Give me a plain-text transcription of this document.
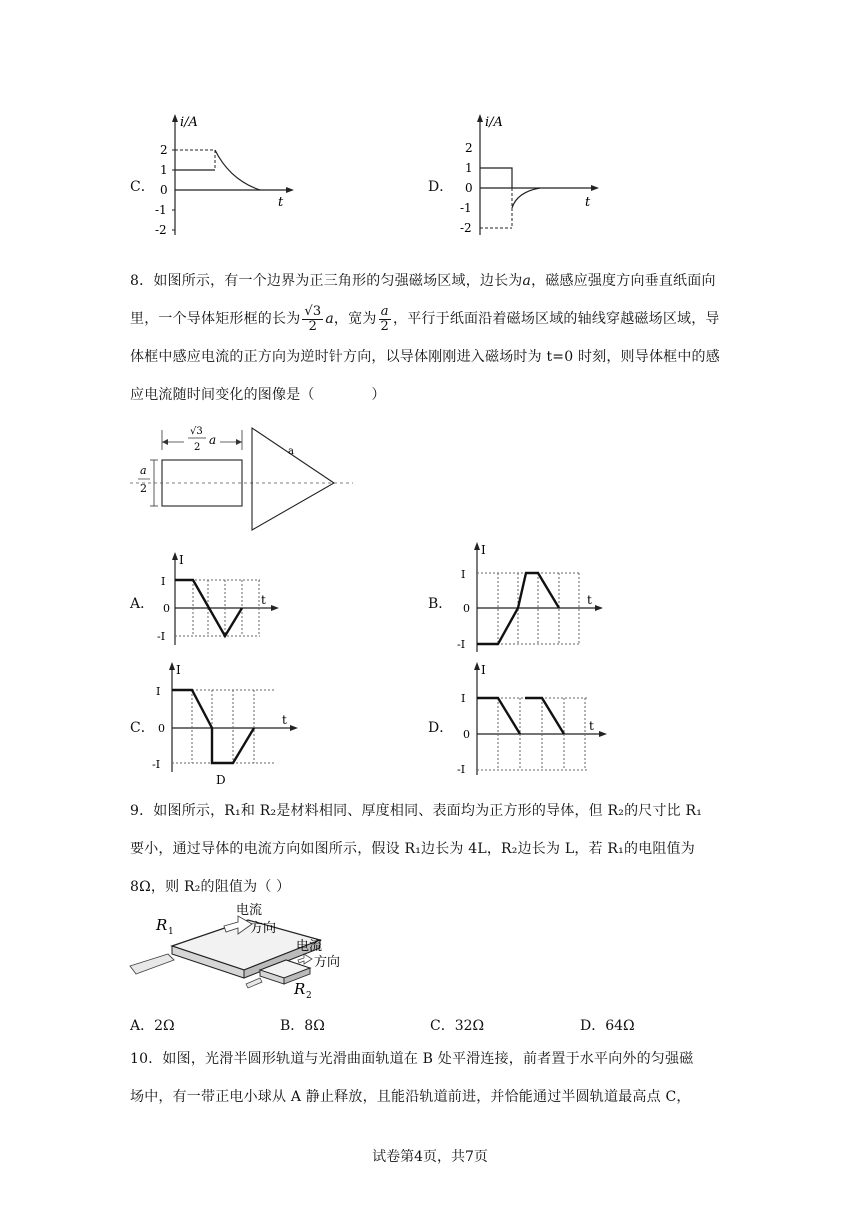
C．
i/A
t
2
1
0
-1
-2
D．
i/A
t
2
1
0
-1
-2
8．如图所示，有一个边界为正三角形的匀强磁场区域，边长为a，磁感应强度方向垂直纸面向里，一个导体矩形框的长为 $\frac{√3}{2}$ a，宽为 $\frac{a}{2}$ ，平行于纸面沿着磁场区域的轴线穿越磁场区域，导体框中感应电流的正方向为逆时针方向，以导体刚刚进入磁场时为 t=0 时刻，则导体框中的感应电流随时间变化的图像是（　　　　）
√3
2
a
a
2
a
A．
I
t
I
0
-I
B．
I
t
I
0
-I
C．
I
t
I
0
-I
D
D．
I
t
I
0
-I
9．如图所示，R₁和 R₂是材料相同、厚度相同、表面均为正方形的导体，但 R₂的尺寸比 R₁
要小，通过导体的电流方向如图所示，假设 R₁边长为 4L，R₂边长为 L，若 R₁的电阻值为
8Ω，则 R₂的阻值为（ ）
R 1
电流
方向
电流
方向
R 2
A．2Ω	B．8Ω	C．32Ω	D．64Ω
10．如图，光滑半圆形轨道与光滑曲面轨道在 B 处平滑连接，前者置于水平向外的匀强磁
场中，有一带正电小球从 A 静止释放，且能沿轨道前进，并恰能通过半圆轨道最高点 C，
试卷第4页，共7页
